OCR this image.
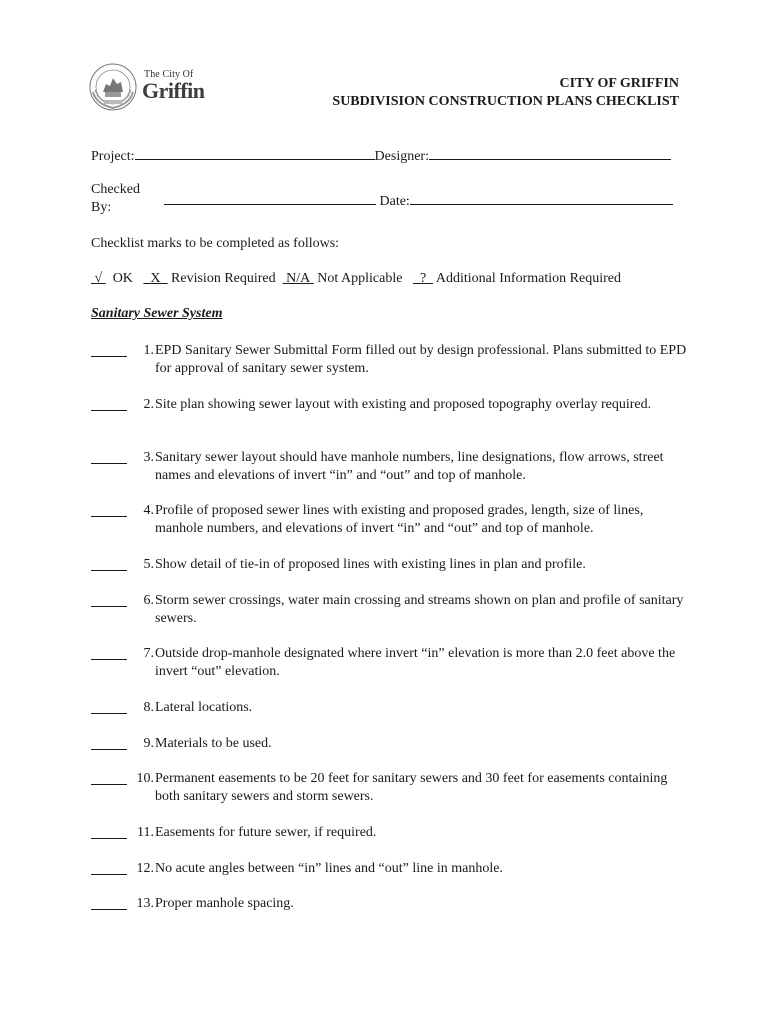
The City Of
Griffin	CITY OF GRIFFIN
SUBDIVISION CONSTRUCTION PLANS CHECKLIST
Project:	Designer:
Checked
By:	Date:
Checklist marks to be completed as follows:
√ OK X Revision Required N/A Not Applicable ? Additional Information Required
Sanitary Sewer System
1. EPD Sanitary Sewer Submittal Form filled out by design professional. Plans submitted to EPD for approval of sanitary sewer system.
2. Site plan showing sewer layout with existing and proposed topography overlay required.
3. Sanitary sewer layout should have manhole numbers, line designations, flow arrows, street names and elevations of invert “in” and “out” and top of manhole.
4. Profile of proposed sewer lines with existing and proposed grades, length, size of lines, manhole numbers, and elevations of invert “in” and “out” and top of manhole.
5. Show detail of tie-in of proposed lines with existing lines in plan and profile.
6. Storm sewer crossings, water main crossing and streams shown on plan and profile of sanitary sewers.
7. Outside drop-manhole designated where invert “in” elevation is more than 2.0 feet above the invert “out” elevation.
8. Lateral locations.
9. Materials to be used.
10. Permanent easements to be 20 feet for sanitary sewers and 30 feet for easements containing both sanitary sewers and storm sewers.
11. Easements for future sewer, if required.
12. No acute angles between “in” lines and “out” line in manhole.
13. Proper manhole spacing.
